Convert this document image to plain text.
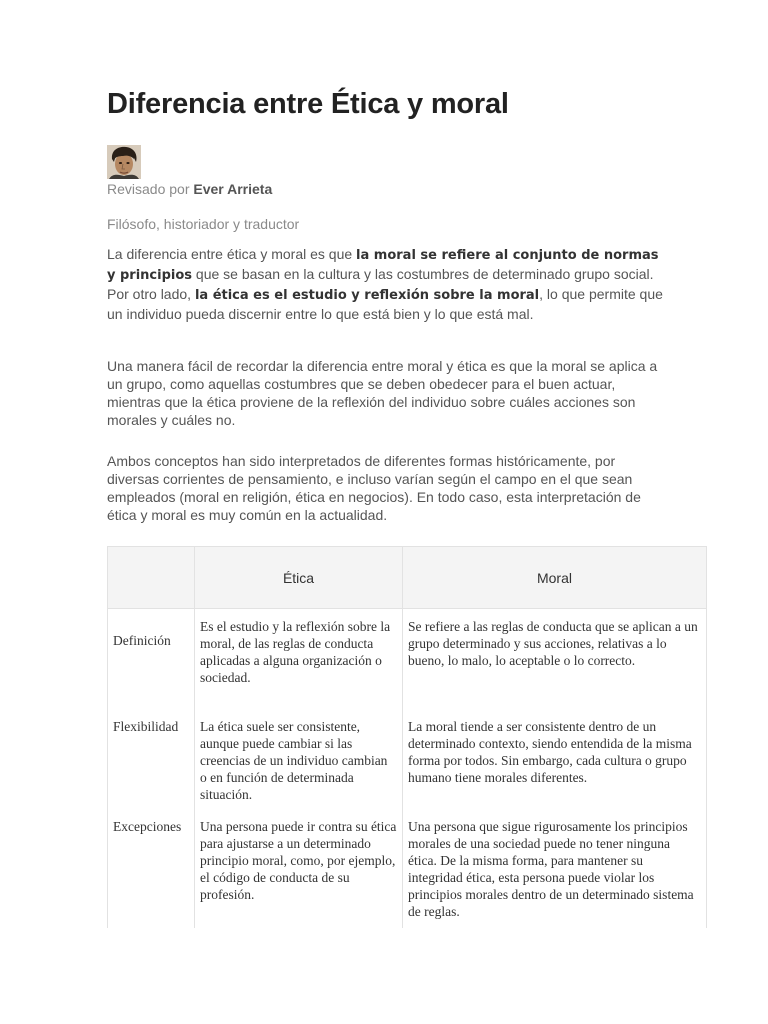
Diferencia entre Ética y moral
Revisado por Ever Arrieta
Filósofo, historiador y traductor

La diferencia entre ética y moral es que la moral se refiere al conjunto de normas y principios que se basan en la cultura y las costumbres de determinado grupo social. Por otro lado, la ética es el estudio y reflexión sobre la moral, lo que permite que un individuo pueda discernir entre lo que está bien y lo que está mal.

Una manera fácil de recordar la diferencia entre moral y ética es que la moral se aplica a un grupo, como aquellas costumbres que se deben obedecer para el buen actuar, mientras que la ética proviene de la reflexión del individuo sobre cuáles acciones son morales y cuáles no.

Ambos conceptos han sido interpretados de diferentes formas históricamente, por diversas corrientes de pensamiento, e incluso varían según el campo en el que sean empleados (moral en religión, ética en negocios). En todo caso, esta interpretación de ética y moral es muy común en la actualidad.

	Ética	Moral
Definición	Es el estudio y la reflexión sobre la moral, de las reglas de conducta aplicadas a alguna organización o sociedad.	Se refiere a las reglas de conducta que se aplican a un grupo determinado y sus acciones, relativas a lo bueno, lo malo, lo aceptable o lo correcto.
Flexibilidad	La ética suele ser consistente, aunque puede cambiar si las creencias de un individuo cambian o en función de determinada situación.	La moral tiende a ser consistente dentro de un determinado contexto, siendo entendida de la misma forma por todos. Sin embargo, cada cultura o grupo humano tiene morales diferentes.
Excepciones	Una persona puede ir contra su ética para ajustarse a un determinado principio moral, como, por ejemplo, el código de conducta de su profesión.	Una persona que sigue rigurosamente los principios morales de una sociedad puede no tener ninguna ética. De la misma forma, para mantener su integridad ética, esta persona puede violar los principios morales dentro de un determinado sistema de reglas.
